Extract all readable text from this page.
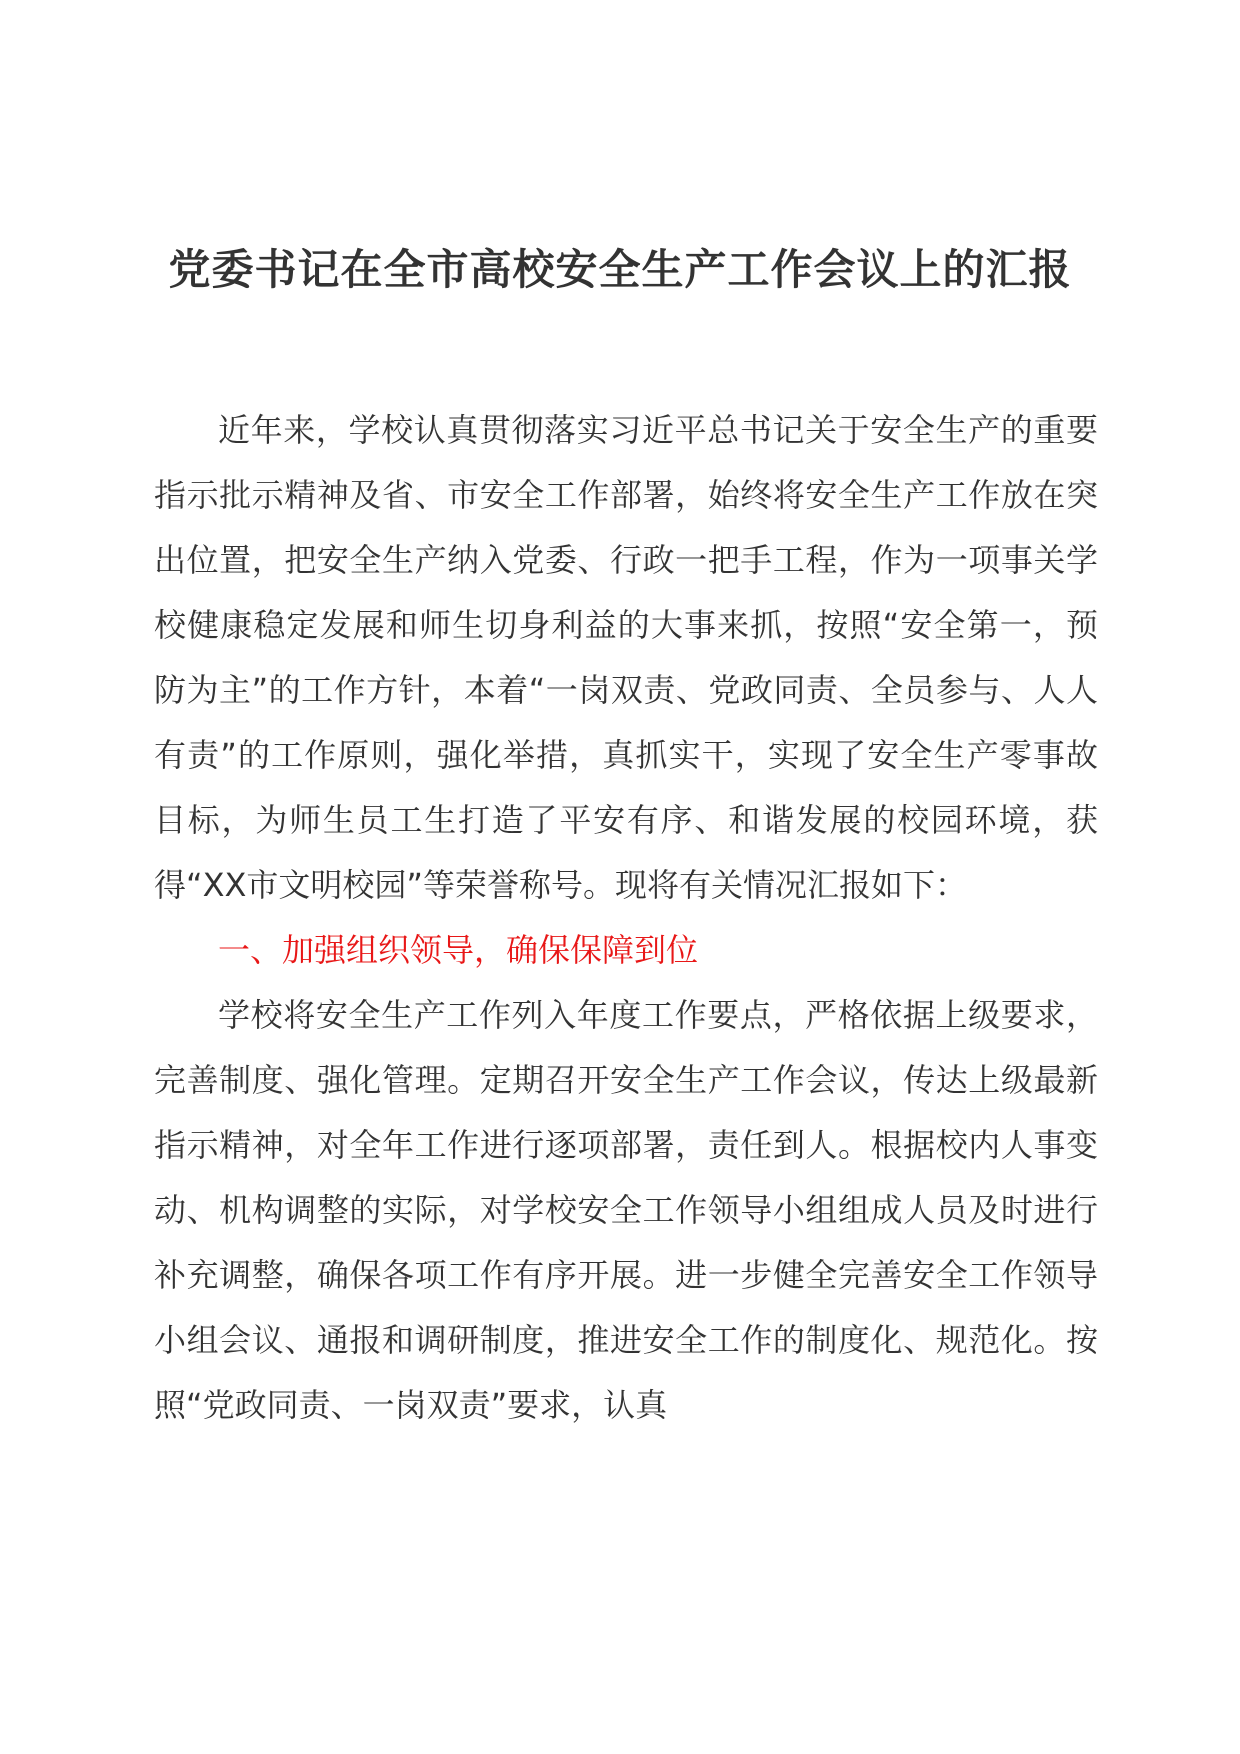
党委书记在全市高校安全生产工作会议上的汇报

近年来，学校认真贯彻落实习近平总书记关于安全生产的重要指示批示精神及省、市安全工作部署，始终将安全生产工作放在突出位置，把安全生产纳入党委、行政一把手工程，作为一项事关学校健康稳定发展和师生切身利益的大事来抓，按照“安全第一，预防为主”的工作方针，本着“一岗双责、党政同责、全员参与、人人有责”的工作原则，强化举措，真抓实干，实现了安全生产零事故目标，为师生员工生打造了平安有序、和谐发展的校园环境，获得“XX市文明校园”等荣誉称号。现将有关情况汇报如下：

一、加强组织领导，确保保障到位

学校将安全生产工作列入年度工作要点，严格依据上级要求，完善制度、强化管理。定期召开安全生产工作会议，传达上级最新指示精神，对全年工作进行逐项部署，责任到人。根据校内人事变动、机构调整的实际，对学校安全工作领导小组组成人员及时进行补充调整，确保各项工作有序开展。进一步健全完善安全工作领导小组会议、通报和调研制度，推进安全工作的制度化、规范化。按照“党政同责、一岗双责”要求，认真
